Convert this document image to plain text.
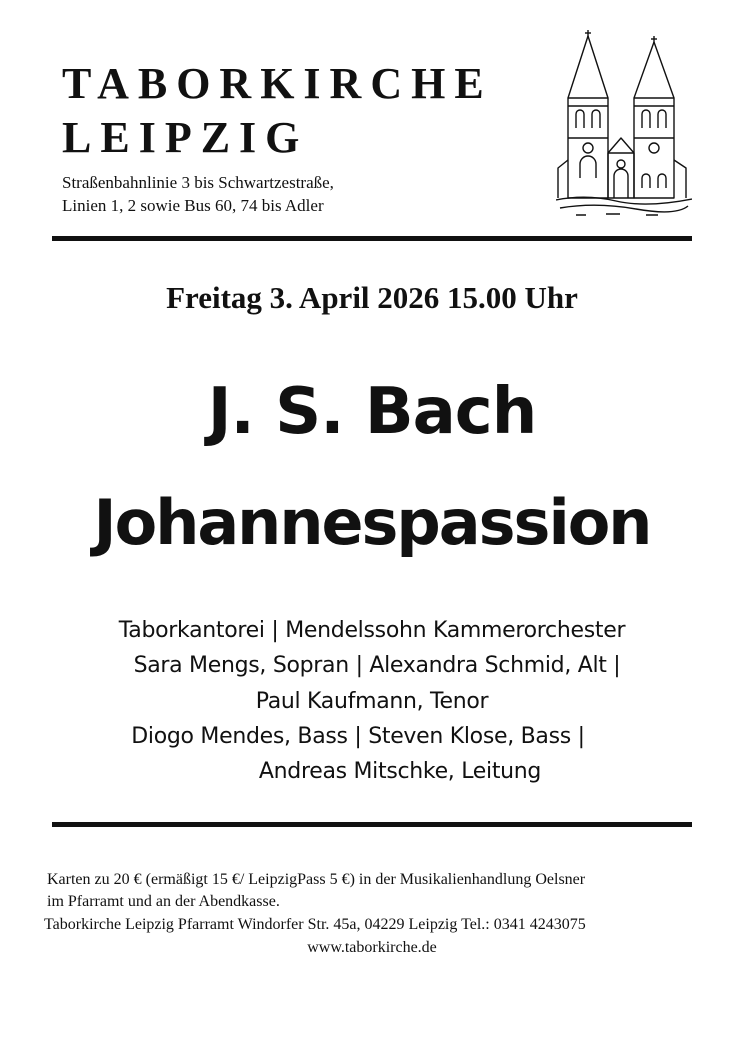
TABORKIRCHE
LEIPZIG
Straßenbahnlinie 3 bis Schwartzestraße,
Linien 1, 2 sowie Bus 60, 74 bis Adler
Freitag 3. April 2026 15.00 Uhr
J. S. Bach
Johannespassion
Taborkantorei | Mendelssohn Kammerorchester
Sara Mengs, Sopran | Alexandra Schmid, Alt |
Paul Kaufmann, Tenor
Diogo Mendes, Bass | Steven Klose, Bass |
Andreas Mitschke, Leitung
Karten zu 20 € (ermäßigt 15 €/ LeipzigPass 5 €) in der Musikalienhandlung Oelsner
im Pfarramt und an der Abendkasse.
Taborkirche Leipzig Pfarramt Windorfer Str. 45a, 04229 Leipzig Tel.: 0341 4243075
www.taborkirche.de
